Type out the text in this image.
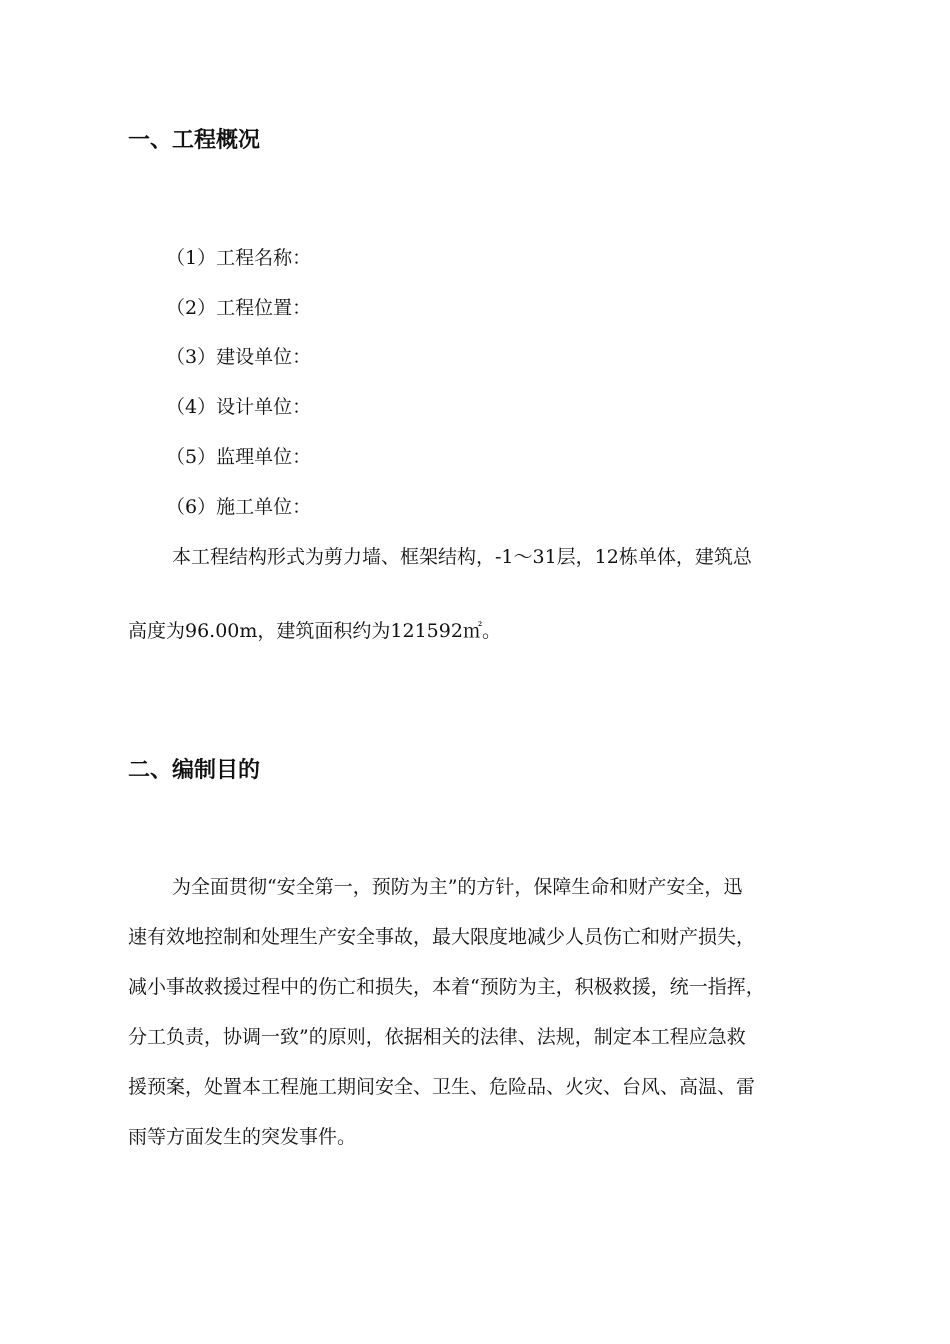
一、工程概况
（1）工程名称：
（2）工程位置：
（3）建设单位：
（4）设计单位：
（5）监理单位：
（6）施工单位：
本工程结构形式为剪力墙、框架结构，-1～31层，12栋单体，建筑总
高度为96.00m，建筑面积约为121592㎡。
二、编制目的
为全面贯彻“安全第一，预防为主”的方针，保障生命和财产安全，迅
速有效地控制和处理生产安全事故，最大限度地减少人员伤亡和财产损失，
减小事故救援过程中的伤亡和损失，本着“预防为主，积极救援，统一指挥，
分工负责，协调一致”的原则，依据相关的法律、法规，制定本工程应急救
援预案，处置本工程施工期间安全、卫生、危险品、火灾、台风、高温、雷
雨等方面发生的突发事件。
